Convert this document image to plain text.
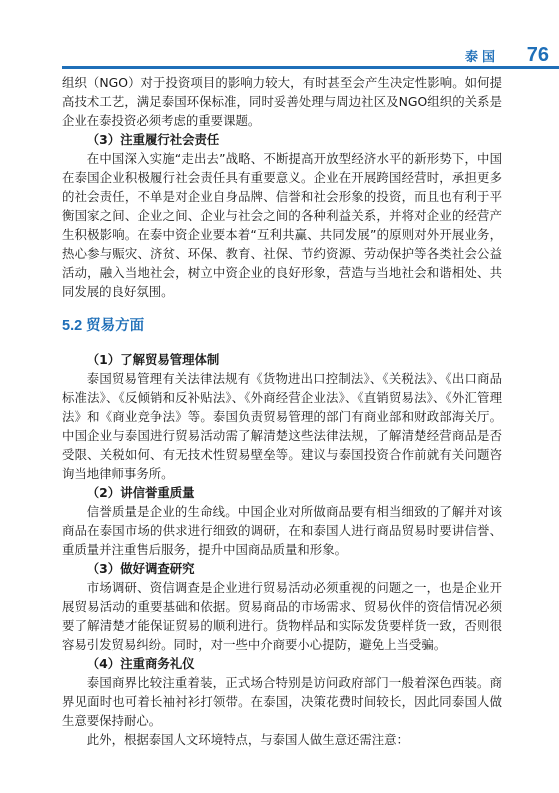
泰国 76

组织（NGO）对于投资项目的影响力较大，有时甚至会产生决定性影响。如何提高技术工艺，满足泰国环保标准，同时妥善处理与周边社区及NGO组织的关系是企业在泰投资必须考虑的重要课题。

（3）注重履行社会责任

在中国深入实施“走出去”战略、不断提高开放型经济水平的新形势下，中国在泰国企业积极履行社会责任具有重要意义。企业在开展跨国经营时，承担更多的社会责任，不单是对企业自身品牌、信誉和社会形象的投资，而且也有利于平衡国家之间、企业之间、企业与社会之间的各种利益关系，并将对企业的经营产生积极影响。在泰中资企业要本着“互利共赢、共同发展”的原则对外开展业务，热心参与赈灾、济贫、环保、教育、社保、节约资源、劳动保护等各类社会公益活动，融入当地社会，树立中资企业的良好形象，营造与当地社会和谐相处、共同发展的良好氛围。

5.2 贸易方面

（1）了解贸易管理体制

泰国贸易管理有关法律法规有《货物进出口控制法》、《关税法》、《出口商品标准法》、《反倾销和反补贴法》、《外商经营企业法》、《直销贸易法》、《外汇管理法》和《商业竞争法》等。泰国负责贸易管理的部门有商业部和财政部海关厅。中国企业与泰国进行贸易活动需了解清楚这些法律法规，了解清楚经营商品是否受限、关税如何、有无技术性贸易壁垒等。建议与泰国投资合作前就有关问题咨询当地律师事务所。

（2）讲信誉重质量

信誉质量是企业的生命线。中国企业对所做商品要有相当细致的了解并对该商品在泰国市场的供求进行细致的调研，在和泰国人进行商品贸易时要讲信誉、重质量并注重售后服务，提升中国商品质量和形象。

（3）做好调查研究

市场调研、资信调查是企业进行贸易活动必须重视的问题之一，也是企业开展贸易活动的重要基础和依据。贸易商品的市场需求、贸易伙伴的资信情况必须要了解清楚才能保证贸易的顺利进行。货物样品和实际发货要样货一致，否则很容易引发贸易纠纷。同时，对一些中介商要小心提防，避免上当受骗。

（4）注重商务礼仪

泰国商界比较注重着装，正式场合特别是访问政府部门一般着深色西装。商界见面时也可着长袖衬衫打领带。在泰国，决策花费时间较长，因此同泰国人做生意要保持耐心。

此外，根据泰国人文环境特点，与泰国人做生意还需注意：
